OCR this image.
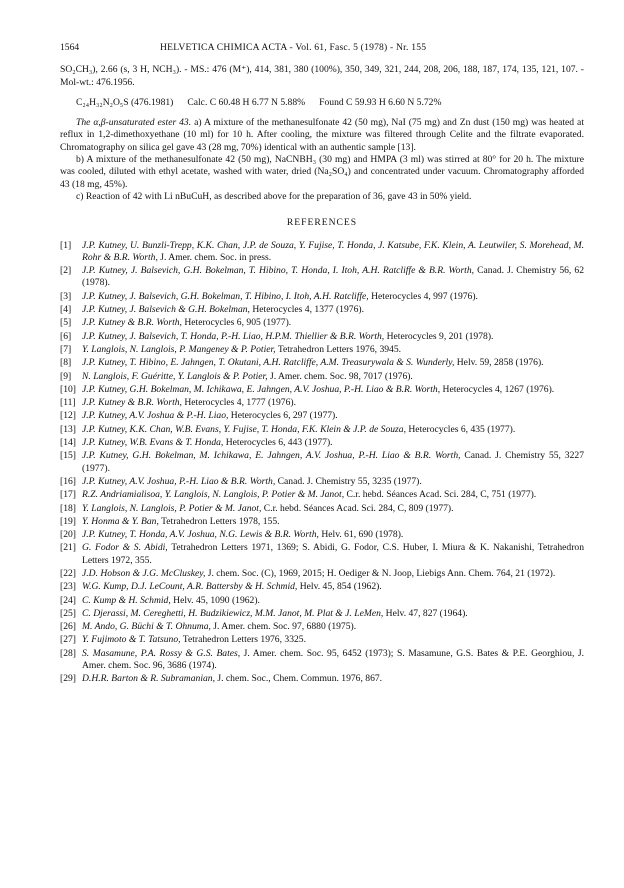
1564	HELVETICA CHIMICA ACTA - Vol. 61, Fasc. 5 (1978) - Nr. 155

SO₂CH₃), 2.66 (s, 3 H, NCH₃). - MS.: 476 (M⁺), 414, 381, 380 (100%), 350, 349, 321, 244, 208, 206, 188, 187, 174, 135, 121, 107. - Mol-wt.: 476.1956.

C₂₄H₃₂N₂O₅S (476.1981) Calc. C 60.48 H 6.77 N 5.88% Found C 59.93 H 6.60 N 5.72%

The α,β-unsaturated ester 43. a) A mixture of the methanesulfonate 42 (50 mg), NaI (75 mg) and Zn dust (150 mg) was heated at reflux in 1,2-dimethoxyethane (10 ml) for 10 h. After cooling, the mixture was filtered through Celite and the filtrate evaporated. Chromatography on silica gel gave 43 (28 mg, 70%) identical with an authentic sample [13].

b) A mixture of the methanesulfonate 42 (50 mg), NaCNBH₃ (30 mg) and HMPA (3 ml) was stirred at 80° for 20 h. The mixture was cooled, diluted with ethyl acetate, washed with water, dried (Na₂SO₄) and concentrated under vacuum. Chromatography afforded 43 (18 mg, 45%).

c) Reaction of 42 with Li nBuCuH, as described above for the preparation of 36, gave 43 in 50% yield.

REFERENCES
[1]	J.P. Kutney, U. Bunzli-Trepp, K.K. Chan, J.P. de Souza, Y. Fujise, T. Honda, J. Katsube, F.K. Klein, A. Leutwiler, S. Morehead, M. Rohr & B.R. Worth, J. Amer. chem. Soc. in press.
[2]	J.P. Kutney, J. Balsevich, G.H. Bokelman, T. Hibino, T. Honda, I. Itoh, A.H. Ratcliffe & B.R. Worth, Canad. J. Chemistry 56, 62 (1978).
[3]	J.P. Kutney, J. Balsevich, G.H. Bokelman, T. Hibino, I. Itoh, A.H. Ratcliffe, Heterocycles 4, 997 (1976).
[4]	J.P. Kutney, J. Balsevich & G.H. Bokelman, Heterocycles 4, 1377 (1976).
[5]	J.P. Kutney & B.R. Worth, Heterocycles 6, 905 (1977).
[6]	J.P. Kutney, J. Balsevich, T. Honda, P.-H. Liao, H.P.M. Thiellier & B.R. Worth, Heterocycles 9, 201 (1978).
[7]	Y. Langlois, N. Langlois, P. Mangeney & P. Potier, Tetrahedron Letters 1976, 3945.
[8]	J.P. Kutney, T. Hibino, E. Jahngen, T. Okutani, A.H. Ratcliffe, A.M. Treasurywala & S. Wunderly, Helv. 59, 2858 (1976).
[9]	N. Langlois, F. Guéritte, Y. Langlois & P. Potier, J. Amer. chem. Soc. 98, 7017 (1976).
[10] J.P. Kutney, G.H. Bokelman, M. Ichikawa, E. Jahngen, A.V. Joshua, P.-H. Liao & B.R. Worth, Heterocycles 4, 1267 (1976).
[11] J.P. Kutney & B.R. Worth, Heterocycles 4, 1777 (1976).
[12] J.P. Kutney, A.V. Joshua & P.-H. Liao, Heterocycles 6, 297 (1977).
[13] J.P. Kutney, K.K. Chan, W.B. Evans, Y. Fujise, T. Honda, F.K. Klein & J.P. de Souza, Heterocycles 6, 435 (1977).
[14] J.P. Kutney, W.B. Evans & T. Honda, Heterocycles 6, 443 (1977).
[15] J.P. Kutney, G.H. Bokelman, M. Ichikawa, E. Jahngen, A.V. Joshua, P.-H. Liao & B.R. Worth, Canad. J. Chemistry 55, 3227 (1977).
[16] J.P. Kutney, A.V. Joshua, P.-H. Liao & B.R. Worth, Canad. J. Chemistry 55, 3235 (1977).
[17] R.Z. Andriamialisoa, Y. Langlois, N. Langlois, P. Potier & M. Janot, C.r. hebd. Séances Acad. Sci. 284, C, 751 (1977).
[18] Y. Langlois, N. Langlois, P. Potier & M. Janot, C.r. hebd. Séances Acad. Sci. 284, C, 809 (1977).
[19] Y. Honma & Y. Ban, Tetrahedron Letters 1978, 155.
[20] J.P. Kutney, T. Honda, A.V. Joshua, N.G. Lewis & B.R. Worth, Helv. 61, 690 (1978).
[21] G. Fodor & S. Abidi, Tetrahedron Letters 1971, 1369; S. Abidi, G. Fodor, C.S. Huber, I. Miura & K. Nakanishi, Tetrahedron Letters 1972, 355.
[22] J.D. Hobson & J.G. McCluskey, J. chem. Soc. (C), 1969, 2015; H. Oediger & N. Joop, Liebigs Ann. Chem. 764, 21 (1972).
[23] W.G. Kump, D.J. LeCount, A.R. Battersby & H. Schmid, Helv. 45, 854 (1962).
[24] C. Kump & H. Schmid, Helv. 45, 1090 (1962).
[25] C. Djerassi, M. Cereghetti, H. Budzikiewicz, M.M. Janot, M. Plat & J. LeMen, Helv. 47, 827 (1964).
[26] M. Ando, G. Büchi & T. Ohnuma, J. Amer. chem. Soc. 97, 6880 (1975).
[27] Y. Fujimoto & T. Tatsuno, Tetrahedron Letters 1976, 3325.
[28] S. Masamune, P.A. Rossy & G.S. Bates, J. Amer. chem. Soc. 95, 6452 (1973); S. Masamune, G.S. Bates & P.E. Georghiou, J. Amer. chem. Soc. 96, 3686 (1974).
[29] D.H.R. Barton & R. Subramanian, J. chem. Soc., Chem. Commun. 1976, 867.
